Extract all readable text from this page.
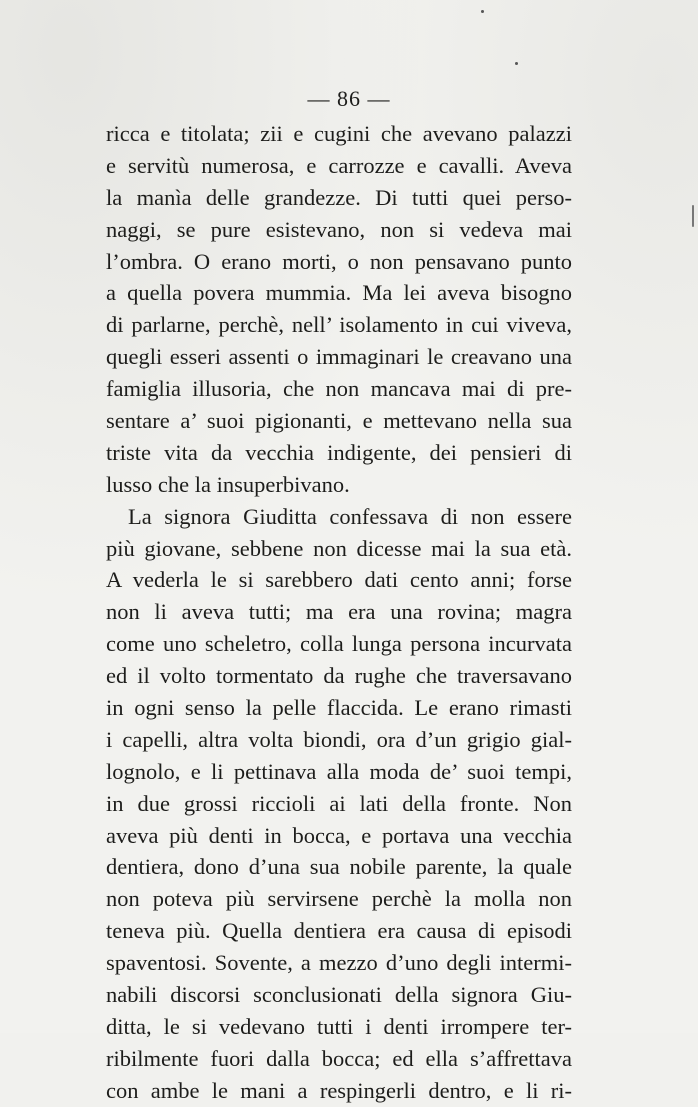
— 86 —
ricca e titolata; zii e cugini che avevano palazzi
e servitù numerosa, e carrozze e cavalli. Aveva
la manìa delle grandezze. Di tutti quei perso-
naggi, se pure esistevano, non si vedeva mai
l’ombra. O erano morti, o non pensavano punto
a quella povera mummia. Ma lei aveva bisogno
di parlarne, perchè, nell’ isolamento in cui viveva,
quegli esseri assenti o immaginari le creavano una
famiglia illusoria, che non mancava mai di pre-
sentare a’ suoi pigionanti, e mettevano nella sua
triste vita da vecchia indigente, dei pensieri di
lusso che la insuperbivano.
La signora Giuditta confessava di non essere
più giovane, sebbene non dicesse mai la sua età.
A vederla le si sarebbero dati cento anni; forse
non li aveva tutti; ma era una rovina; magra
come uno scheletro, colla lunga persona incurvata
ed il volto tormentato da rughe che traversavano
in ogni senso la pelle flaccida. Le erano rimasti
i capelli, altra volta biondi, ora d’un grigio gial-
lognolo, e li pettinava alla moda de’ suoi tempi,
in due grossi riccioli ai lati della fronte. Non
aveva più denti in bocca, e portava una vecchia
dentiera, dono d’una sua nobile parente, la quale
non poteva più servirsene perchè la molla non
teneva più. Quella dentiera era causa di episodi
spaventosi. Sovente, a mezzo d’uno degli intermi-
nabili discorsi sconclusionati della signora Giu-
ditta, le si vedevano tutti i denti irrompere ter-
ribilmente fuori dalla bocca; ed ella s’affrettava
con ambe le mani a respingerli dentro, e li ri-
